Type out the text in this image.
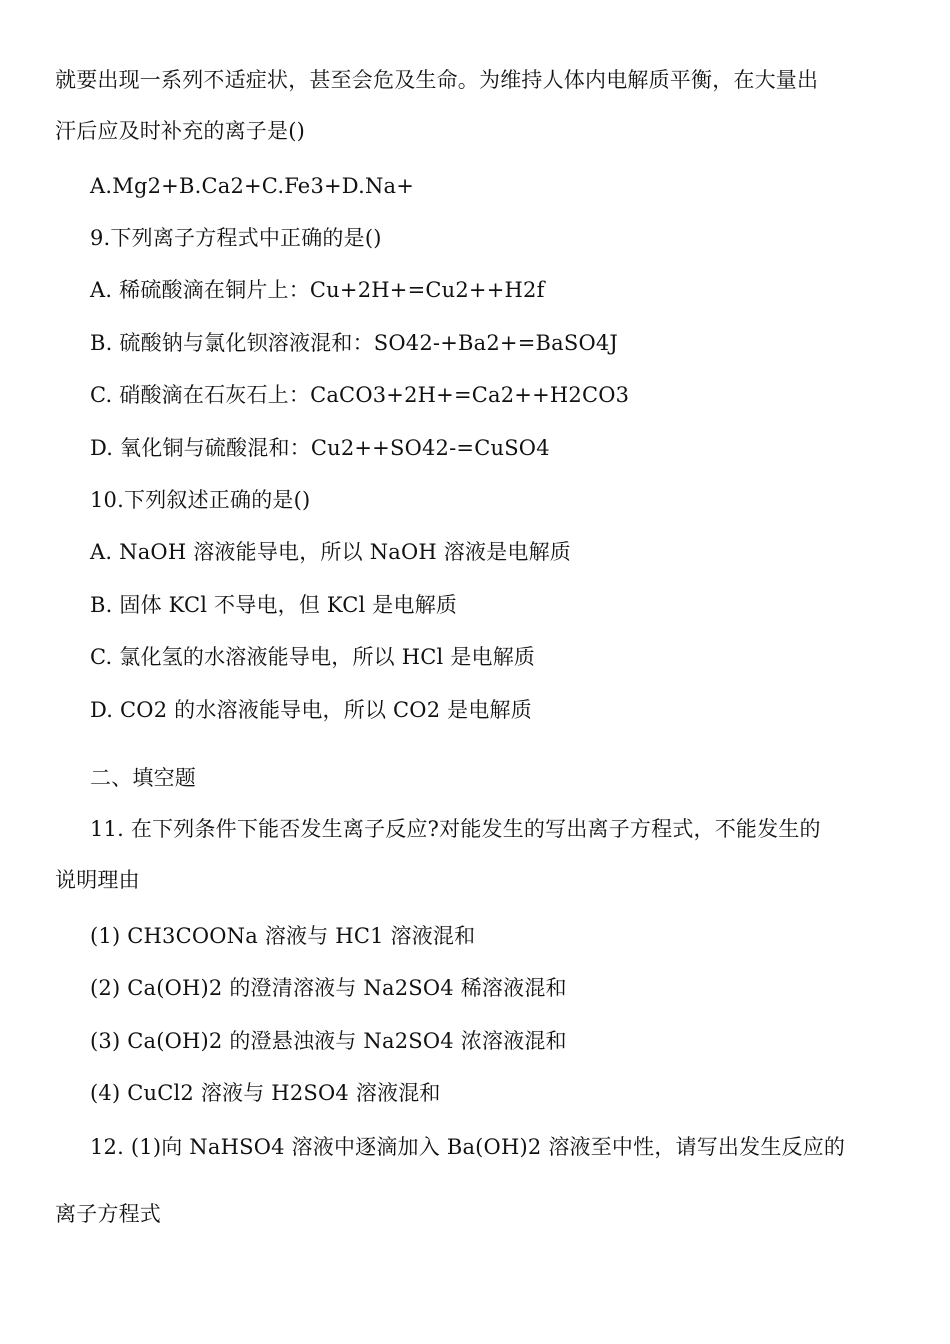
就要出现一系列不适症状，甚至会危及生命。为维持人体内电解质平衡，在大量出
汗后应及时补充的离子是()
A.Mg2+B.Ca2+C.Fe3+D.Na+
9.下列离子方程式中正确的是()
A. 稀硫酸滴在铜片上：Cu+2H+=Cu2++H2f
B. 硫酸钠与氯化钡溶液混和：SO42-+Ba2+=BaSO4J
C. 硝酸滴在石灰石上：CaCO3+2H+=Ca2++H2CO3
D. 氧化铜与硫酸混和：Cu2++SO42-=CuSO4
10.下列叙述正确的是()
A. NaOH 溶液能导电，所以 NaOH 溶液是电解质
B. 固体 KCl 不导电，但 KCl 是电解质
C. 氯化氢的水溶液能导电，所以 HCl 是电解质
D. CO2 的水溶液能导电，所以 CO2 是电解质
二、填空题
11. 在下列条件下能否发生离子反应?对能发生的写出离子方程式，不能发生的
说明理由
(1) CH3COONa 溶液与 HC1 溶液混和
(2) Ca(OH)2 的澄清溶液与 Na2SO4 稀溶液混和
(3) Ca(OH)2 的澄悬浊液与 Na2SO4 浓溶液混和
(4) CuCl2 溶液与 H2SO4 溶液混和
12. (1)向 NaHSO4 溶液中逐滴加入 Ba(OH)2 溶液至中性，请写出发生反应的
离子方程式
